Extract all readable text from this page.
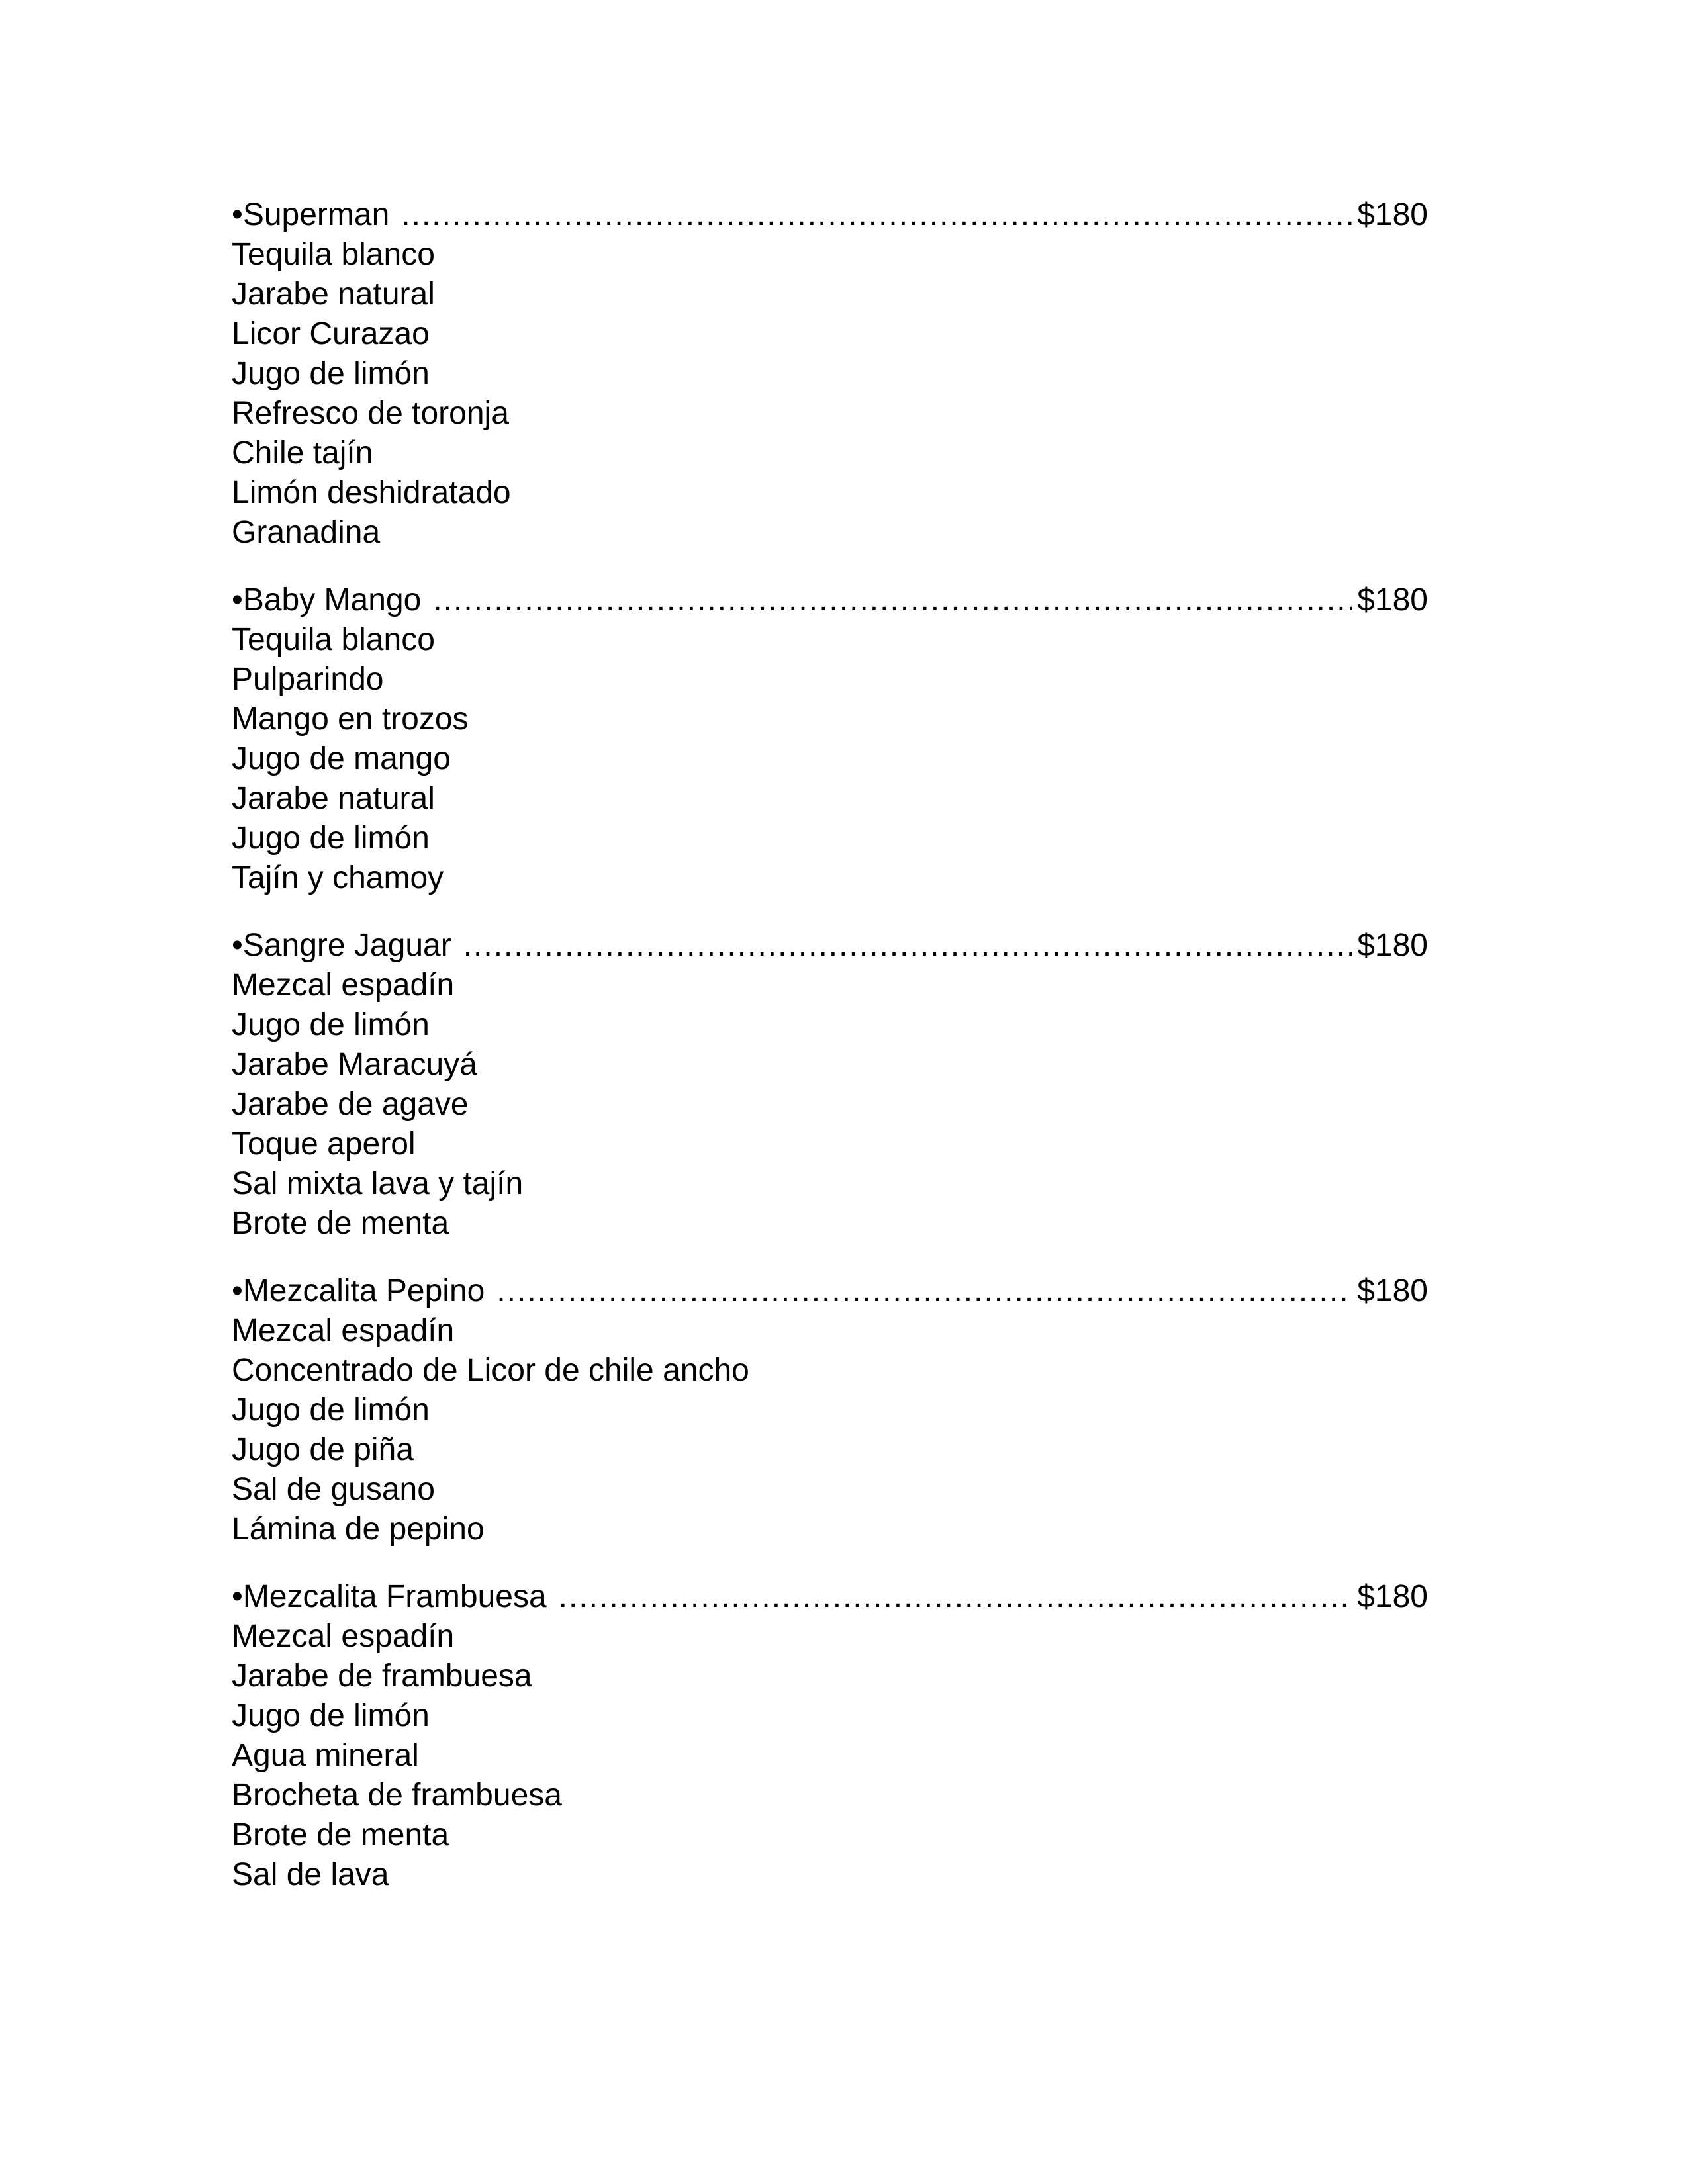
•Superman .....	$180
Tequila blanco
Jarabe natural
Licor Curazao
Jugo de limón
Refresco de toronja
Chile tajín
Limón deshidratado
Granadina
•Baby Mango .....	$180
Tequila blanco
Pulparindo
Mango en trozos
Jugo de mango
Jarabe natural
Jugo de limón
Tajín y chamoy
•Sangre Jaguar .....	$180
Mezcal espadín
Jugo de limón
Jarabe Maracuyá
Jarabe de agave
Toque aperol
Sal mixta lava y tajín
Brote de menta
•Mezcalita Pepino .....	$180
Mezcal espadín
Concentrado de Licor de chile ancho
Jugo de limón
Jugo de piña
Sal de gusano
Lámina de pepino
•Mezcalita Frambuesa .....	$180
Mezcal espadín
Jarabe de frambuesa
Jugo de limón
Agua mineral
Brocheta de frambuesa
Brote de menta
Sal de lava
